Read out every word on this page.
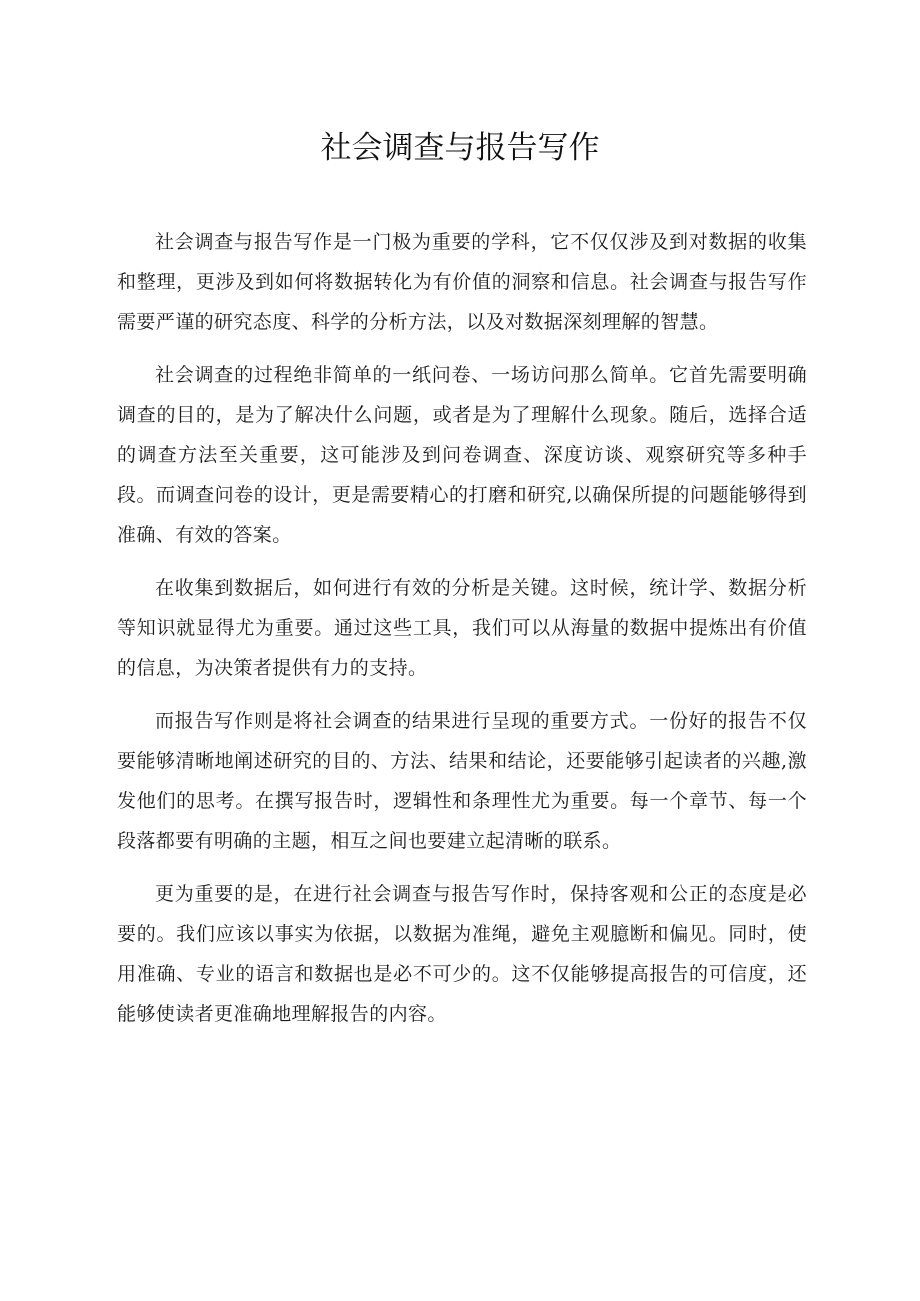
社会调查与报告写作

社会调查与报告写作是一门极为重要的学科，它不仅仅涉及到对数据的收集和整理，更涉及到如何将数据转化为有价值的洞察和信息。社会调查与报告写作需要严谨的研究态度、科学的分析方法，以及对数据深刻理解的智慧。

社会调查的过程绝非简单的一纸问卷、一场访问那么简单。它首先需要明确调查的目的，是为了解决什么问题，或者是为了理解什么现象。随后，选择合适的调查方法至关重要，这可能涉及到问卷调查、深度访谈、观察研究等多种手段。而调查问卷的设计，更是需要精心的打磨和研究,以确保所提的问题能够得到准确、有效的答案。

在收集到数据后，如何进行有效的分析是关键。这时候，统计学、数据分析等知识就显得尤为重要。通过这些工具，我们可以从海量的数据中提炼出有价值的信息，为决策者提供有力的支持。

而报告写作则是将社会调查的结果进行呈现的重要方式。一份好的报告不仅要能够清晰地阐述研究的目的、方法、结果和结论，还要能够引起读者的兴趣,激发他们的思考。在撰写报告时，逻辑性和条理性尤为重要。每一个章节、每一个段落都要有明确的主题，相互之间也要建立起清晰的联系。

更为重要的是，在进行社会调查与报告写作时，保持客观和公正的态度是必要的。我们应该以事实为依据，以数据为准绳，避免主观臆断和偏见。同时，使用准确、专业的语言和数据也是必不可少的。这不仅能够提高报告的可信度，还能够使读者更准确地理解报告的内容。
